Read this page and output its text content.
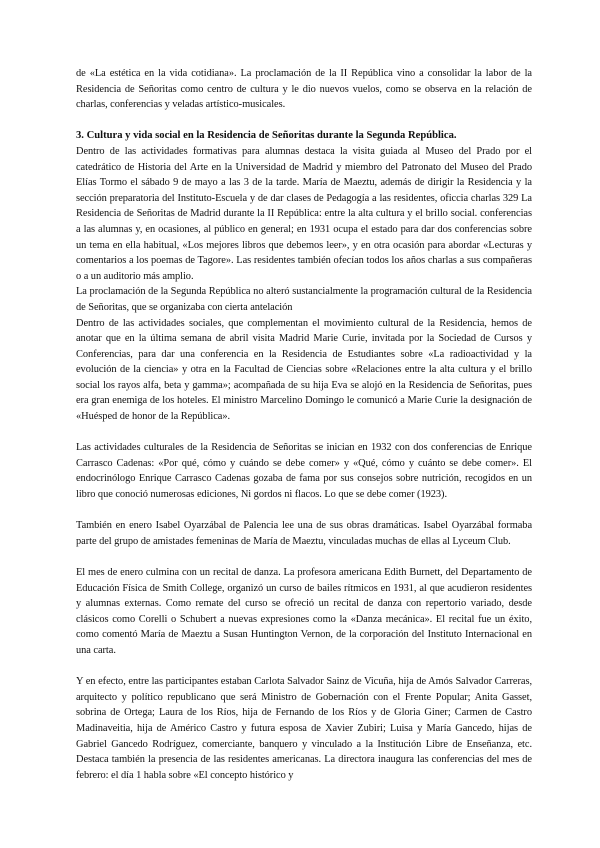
de «La estética en la vida cotidiana». La proclamación de la II República vino a consolidar la labor de la Residencia de Señoritas como centro de cultura y le dio nuevos vuelos, como se observa en la relación de charlas, conferencias y veladas artístico-musicales.

3. Cultura y vida social en la Residencia de Señoritas durante la Segunda República.

Dentro de las actividades formativas para alumnas destaca la visita guiada al Museo del Prado por el catedrático de Historia del Arte en la Universidad de Madrid y miembro del Patronato del Museo del Prado Elías Tormo el sábado 9 de mayo a las 3 de la tarde. María de Maeztu, además de dirigir la Residencia y la sección preparatoria del Instituto-Escuela y de dar clases de Pedagogía a las residentes, oficcia charlas 329 La Residencia de Señoritas de Madrid durante la II República: entre la alta cultura y el brillo social. conferencias a las alumnas y, en ocasiones, al público en general; en 1931 ocupa el estado para dar dos conferencias sobre un tema en ella habitual, «Los mejores libros que debemos leer», y en otra ocasión para abordar «Lecturas y comentarios a los poemas de Tagore». Las residentes también ofecían todos los años charlas a sus compañeras o a un auditorio más amplio.

La proclamación de la Segunda República no alteró sustancialmente la programación cultural de la Residencia de Señoritas, que se organizaba con cierta antelación

Dentro de las actividades sociales, que complementan el movimiento cultural de la Residencia, hemos de anotar que en la última semana de abril visita Madrid Marie Curie, invitada por la Sociedad de Cursos y Conferencias, para dar una conferencia en la Residencia de Estudiantes sobre «La radioactividad y la evolución de la ciencia» y otra en la Facultad de Ciencias sobre «Relaciones entre la alta cultura y el brillo social los rayos alfa, beta y gamma»; acompañada de su hija Eva se alojó en la Residencia de Señoritas, pues era gran enemiga de los hoteles. El ministro Marcelino Domingo le comunicó a Marie Curie la designación de «Huésped de honor de la República».

Las actividades culturales de la Residencia de Señoritas se inician en 1932 con dos conferencias de Enrique Carrasco Cadenas: «Por qué, cómo y cuándo se debe comer» y «Qué, cómo y cuánto se debe comer». El endocrinólogo Enrique Carrasco Cadenas gozaba de fama por sus consejos sobre nutrición, recogidos en un libro que conoció numerosas ediciones, Ni gordos ni flacos. Lo que se debe comer (1923).

También en enero Isabel Oyarzábal de Palencia lee una de sus obras dramáticas. Isabel Oyarzábal formaba parte del grupo de amistades femeninas de María de Maeztu, vinculadas muchas de ellas al Lyceum Club.

El mes de enero culmina con un recital de danza. La profesora americana Edith Burnett, del Departamento de Educación Física de Smith College, organizó un curso de bailes rítmicos en 1931, al que acudieron residentes y alumnas externas. Como remate del curso se ofreció un recital de danza con repertorio variado, desde clásicos como Corelli o Schubert a nuevas expresiones como la «Danza mecánica». El recital fue un éxito, como comentó María de Maeztu a Susan Huntington Vernon, de la corporación del Instituto Internacional en una carta.

Y en efecto, entre las participantes estaban Carlota Salvador Sainz de Vicuña, hija de Amós Salvador Carreras, arquitecto y político republicano que será Ministro de Gobernación con el Frente Popular; Anita Gasset, sobrina de Ortega; Laura de los Ríos, hija de Fernando de los Ríos y de Gloria Giner; Carmen de Castro Madinaveitia, hija de Américo Castro y futura esposa de Xavier Zubiri; Luisa y María Gancedo, hijas de Gabriel Gancedo Rodríguez, comerciante, banquero y vinculado a la Institución Libre de Enseñanza, etc. Destaca también la presencia de las residentes americanas. La directora inaugura las conferencias del mes de febrero: el día 1 habla sobre «El concepto histórico y
